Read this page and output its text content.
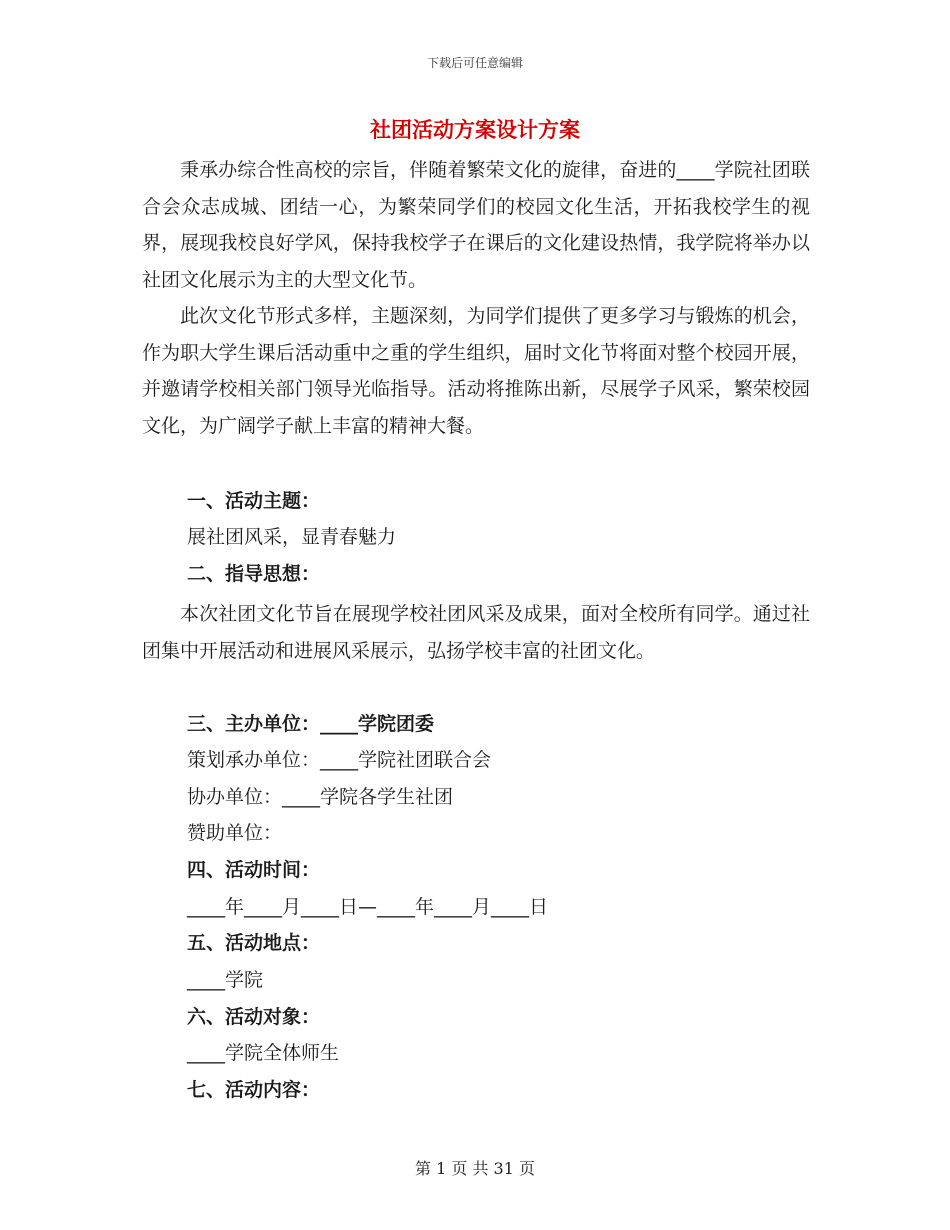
下载后可任意编辑
社团活动方案设计方案

秉承办综合性高校的宗旨，伴随着繁荣文化的旋律，奋进的____学院社团联合会众志成城、团结一心，为繁荣同学们的校园文化生活，开拓我校学生的视界，展现我校良好学风，保持我校学子在课后的文化建设热情，我学院将举办以社团文化展示为主的大型文化节。

此次文化节形式多样，主题深刻，为同学们提供了更多学习与锻炼的机会，作为职大学生课后活动重中之重的学生组织，届时文化节将面对整个校园开展，并邀请学校相关部门领导光临指导。活动将推陈出新，尽展学子风采，繁荣校园文化，为广阔学子献上丰富的精神大餐。

一、活动主题：
展社团风采，显青春魅力
二、指导思想：

本次社团文化节旨在展现学校社团风采及成果，面对全校所有同学。通过社团集中开展活动和进展风采展示，弘扬学校丰富的社团文化。

三、主办单位：____学院团委
策划承办单位：____学院社团联合会
协办单位：____学院各学生社团
赞助单位：
四、活动时间：
____年____月____日—____年____月____日
五、活动地点：
____学院
六、活动对象：
____学院全体师生
七、活动内容：
第 1 页 共 31 页
